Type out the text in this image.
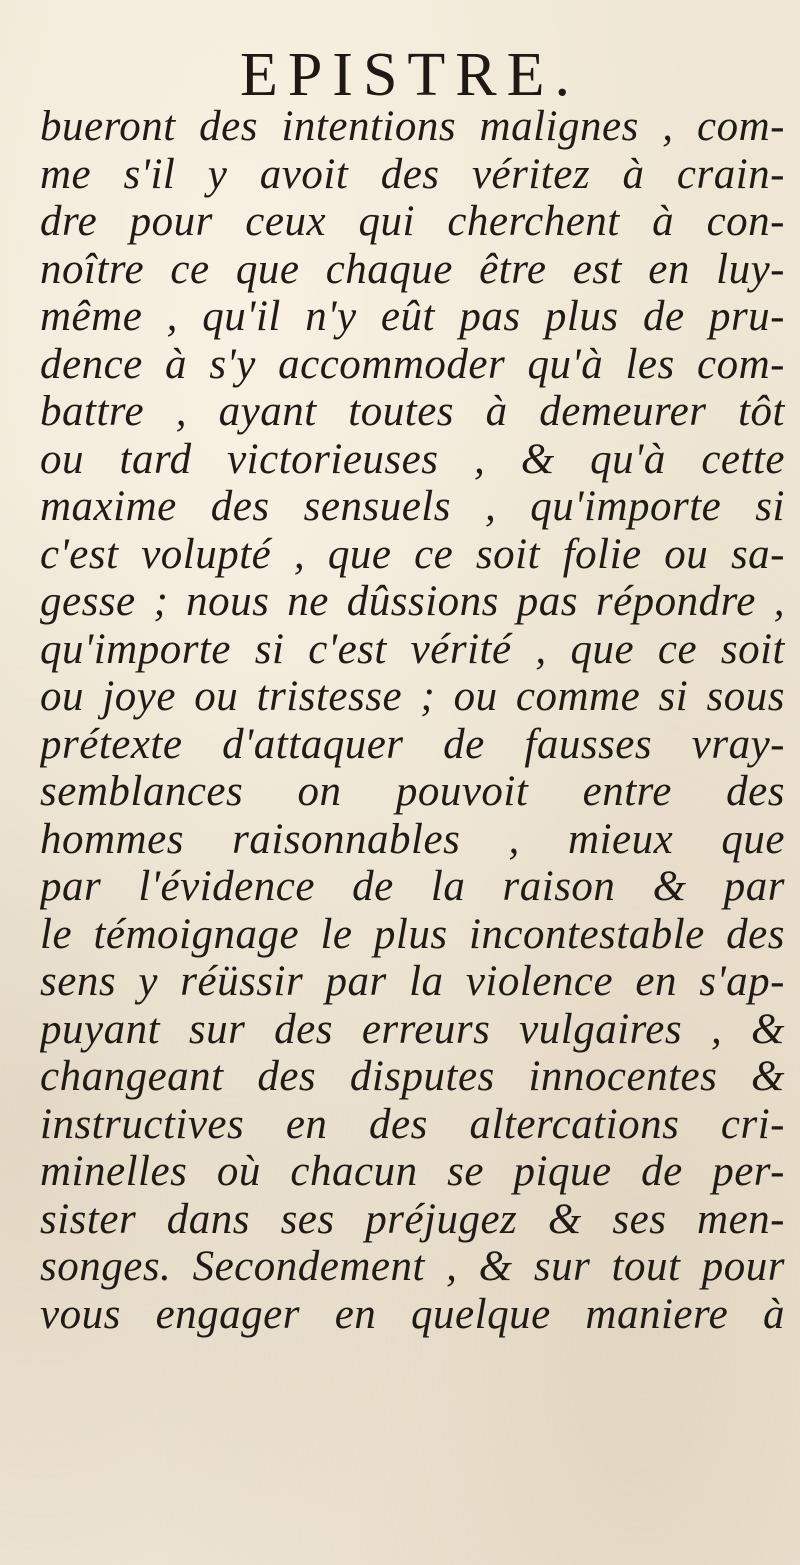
EPISTRE.
bueront des intentions malignes , com-
me s'il y avoit des véritez à crain-
dre pour ceux qui cherchent à con-
noître ce que chaque être est en luy-
même , qu'il n'y eût pas plus de pru-
dence à s'y accommoder qu'à les com-
battre , ayant toutes à demeurer tôt
ou tard victorieuses , & qu'à cette
maxime des sensuels , qu'importe si
c'est volupté , que ce soit folie ou sa-
gesse ; nous ne dûssions pas répondre ,
qu'importe si c'est vérité , que ce soit
ou joye ou tristesse ; ou comme si sous
prétexte d'attaquer de fausses vray-
semblances on pouvoit entre des
hommes raisonnables , mieux que
par l'évidence de la raison & par
le témoignage le plus incontestable des
sens y réüssir par la violence en s'ap-
puyant sur des erreurs vulgaires , &
changeant des disputes innocentes &
instructives en des altercations cri-
minelles où chacun se pique de per-
sister dans ses préjugez & ses men-
songes. Secondement , & sur tout pour
vous engager en quelque maniere à
